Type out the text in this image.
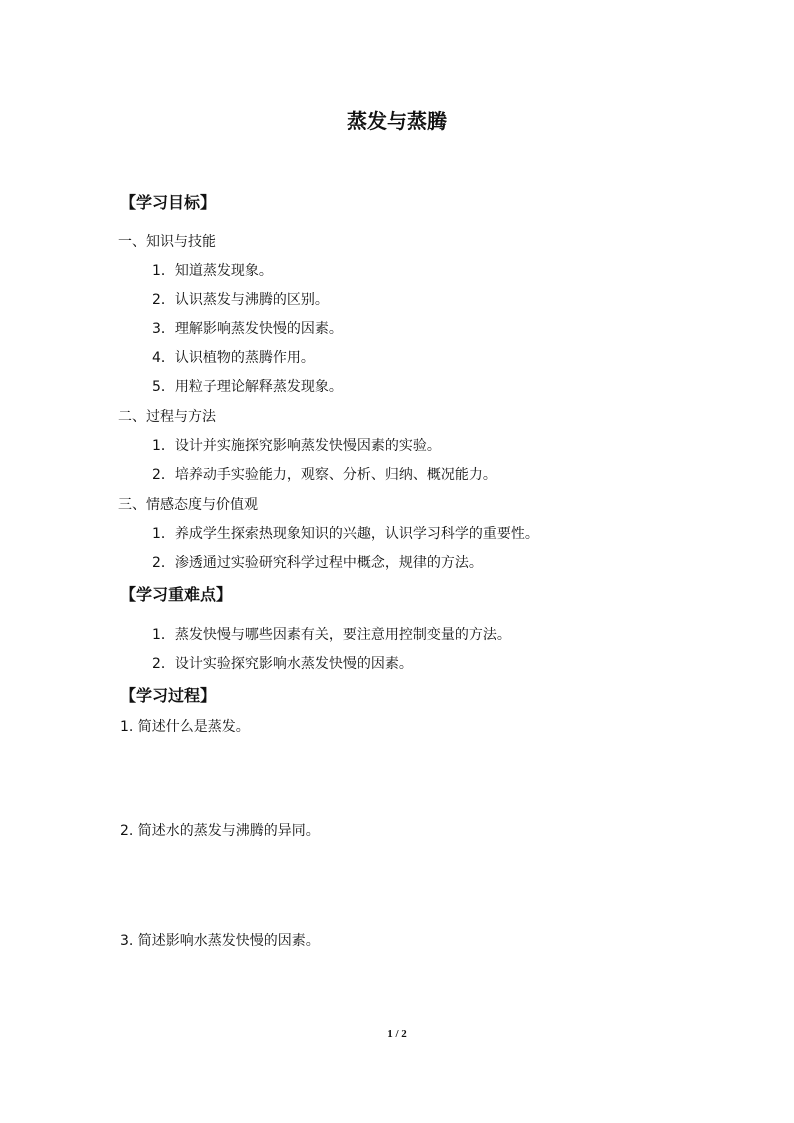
蒸发与蒸腾
【学习目标】
一、知识与技能
1．知道蒸发现象。
2．认识蒸发与沸腾的区别。
3．理解影响蒸发快慢的因素。
4．认识植物的蒸腾作用。
5．用粒子理论解释蒸发现象。
二、过程与方法
1．设计并实施探究影响蒸发快慢因素的实验。
2．培养动手实验能力，观察、分析、归纳、概况能力。
三、情感态度与价值观
1．养成学生探索热现象知识的兴趣，认识学习科学的重要性。
2．渗透通过实验研究科学过程中概念，规律的方法。
【学习重难点】
1．蒸发快慢与哪些因素有关，要注意用控制变量的方法。
2．设计实验探究影响水蒸发快慢的因素。
【学习过程】
1. 简述什么是蒸发。
2. 简述水的蒸发与沸腾的异同。
3. 简述影响水蒸发快慢的因素。
1 / 2
